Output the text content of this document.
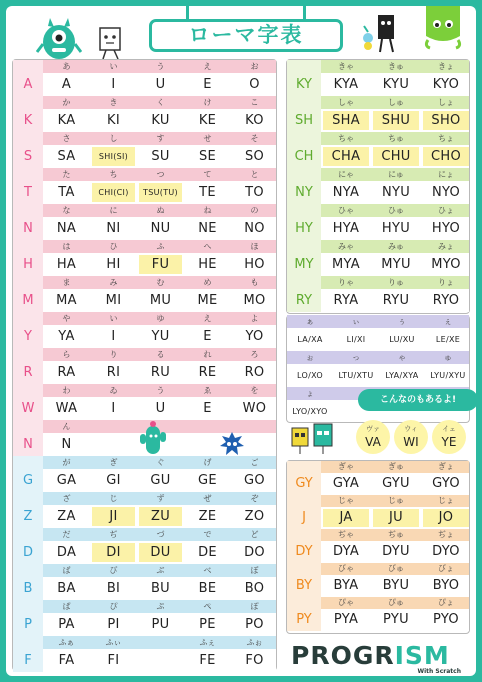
ローマ字表
A
あ
A
い
I
う
U
え
E
お
O
K
か
KA
き
KI
く
KU
け
KE
こ
KO
S
さ
SA
し
SHI(SI)
す
SU
せ
SE
そ
SO
T
た
TA
ち
CHI(CI)
つ
TSU(TU)
て
TE
と
TO
N
な
NA
に
NI
ぬ
NU
ね
NE
の
NO
H
は
HA
ひ
HI
ふ
FU
へ
HE
ほ
HO
M
ま
MA
み
MI
む
MU
め
ME
も
MO
Y
や
YA
い
I
ゆ
YU
え
E
よ
YO
R
ら
RA
り
RI
る
RU
れ
RE
ろ
RO
W
わ
WA
ゐ
I
う
U
ゑ
E
を
WO
N
ん
N
G
が
GA
ぎ
GI
ぐ
GU
げ
GE
ご
GO
Z
ざ
ZA
じ
JI
ず
ZU
ぜ
ZE
ぞ
ZO
D
だ
DA
ぢ
DI
づ
DU
で
DE
ど
DO
B
ば
BA
び
BI
ぶ
BU
べ
BE
ぼ
BO
P
ぱ
PA
ぴ
PI
ぷ
PU
ぺ
PE
ぽ
PO
F
ふぁ
FA
ふぃ
FI
ふぇ
FE
ふぉ
FO
KY
きゃ
KYA
きゅ
KYU
きょ
KYO
SH
しゃ
SHA
しゅ
SHU
しょ
SHO
CH
ちゃ
CHA
ちゅ
CHU
ちょ
CHO
NY
にゃ
NYA
にゅ
NYU
にょ
NYO
HY
ひゃ
HYA
ひゅ
HYU
ひょ
HYO
MY
みゃ
MYA
みゅ
MYU
みょ
MYO
RY
りゃ
RYA
りゅ
RYU
りょ
RYO
ぁ
LA/XA
ぃ
LI/XI
ぅ
LU/XU
ぇ
LE/XE
ぉ
LO/XO
っ
LTU/XTU
ゃ
LYA/XYA
ゅ
LYU/XYU
ょ
LYO/XYO
こんなのもあるよ!
ヴァ
VA
ウィ
WI
イェ
YE
GY
ぎゃ
GYA
ぎゅ
GYU
ぎょ
GYO
J
じゃ
JA
じゅ
JU
じょ
JO
DY
ぢゃ
DYA
ぢゅ
DYU
ぢょ
DYO
BY
びゃ
BYA
びゅ
BYU
びょ
BYO
PY
ぴゃ
PYA
ぴゅ
PYU
ぴょ
PYO
PROGRISM
With Scratch
